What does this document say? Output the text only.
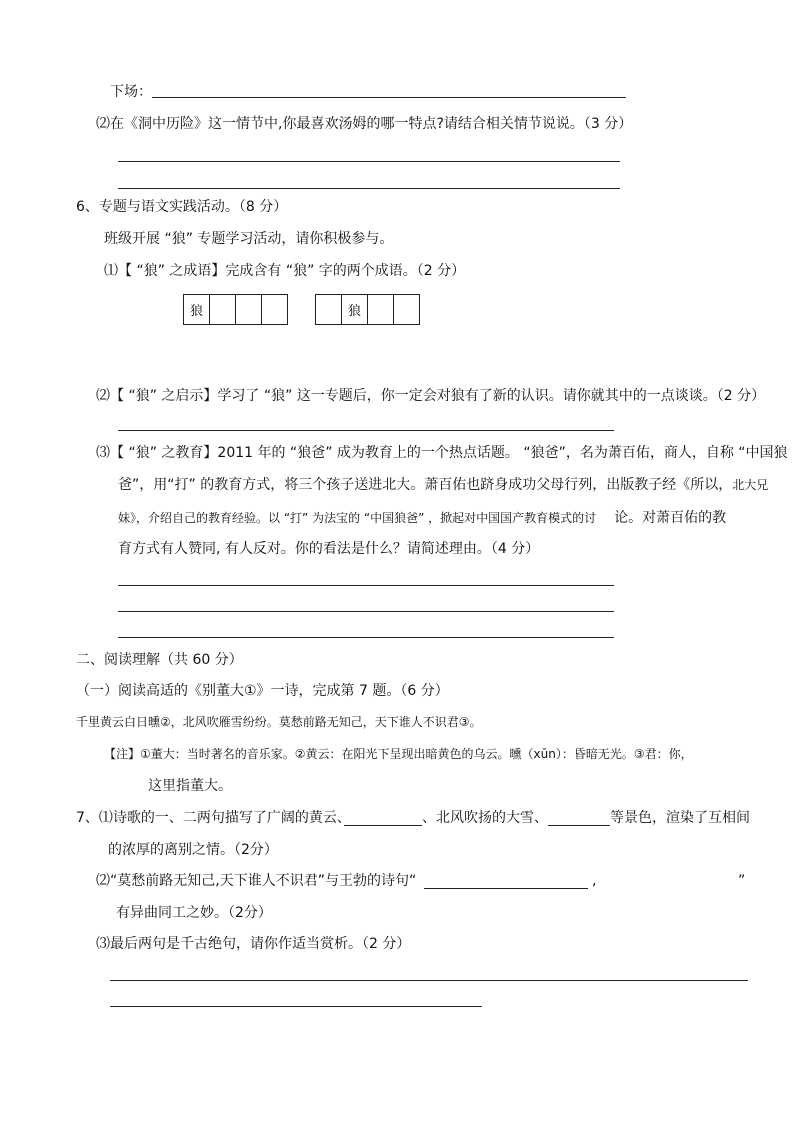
下场：
⑵在《洞中历险》这一情节中,你最喜欢汤姆的哪一特点?请结合相关情节说说。（3 分）
6、专题与语文实践活动。（8 分）
班级开展 “狼” 专题学习活动，请你积极参与。
⑴【 “狼” 之成语】完成含有 “狼” 字的两个成语。（2 分）
狼	狼
⑵【 “狼” 之启示】学习了 “狼” 这一专题后，你一定会对狼有了新的认识。请你就其中的一点谈谈。（2 分）
⑶【 “狼” 之教育】2011 年的 “狼爸” 成为教育上的一个热点话题。 “狼爸”，名为萧百佑，商人，自称 “中国狼
爸”，用“打” 的教育方式，将三个孩子送进北大。萧百佑也跻身成功父母行列，出版教子经《所以，北大兄
妹》，介绍自己的教育经验。以 “打” 为法宝的 “中国狼爸” ，掀起对中国国产教育模式的讨 论。对萧百佑的教
育方式有人赞同, 有人反对。你的看法是什么？请简述理由。（4 分）
二、阅读理解（共 60 分）
（一）阅读高适的《别董大①》一诗，完成第 7 题。（6 分）
千里黄云白日曛②，北风吹雁雪纷纷。莫愁前路无知己，天下谁人不识君③。
【注】①董大：当时著名的音乐家。②黄云：在阳光下呈现出暗黄色的乌云。曛（xūn）：昏暗无光。③君：你，
这里指董大。
7、⑴诗歌的一、二两句描写了广阔的黄云、	、北风吹扬的大雪、	等景色，渲染了互相间
的浓厚的离别之情。（2分）
⑵“莫愁前路无知己,天下谁人不识君”与王勃的诗句“	,	”
有异曲同工之妙。（2分）
⑶最后两句是千古绝句，请你作适当赏析。（2 分）
